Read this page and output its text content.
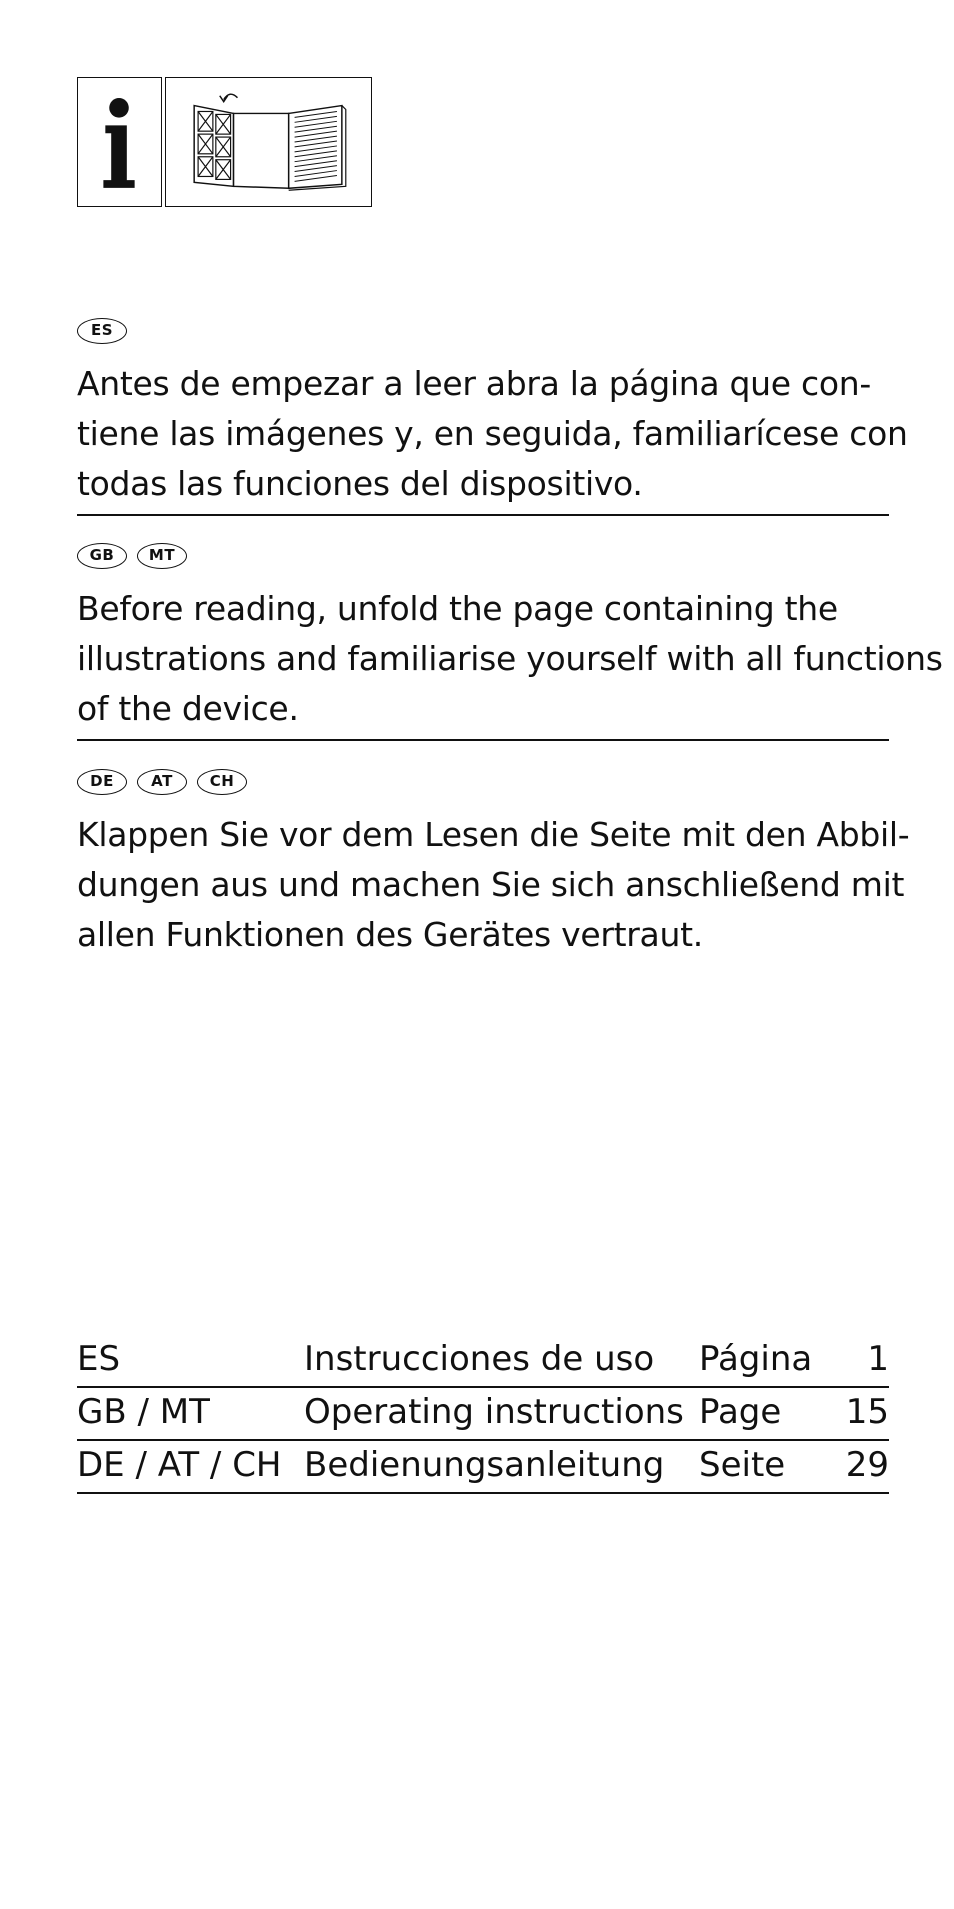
ES

Antes de empezar a leer abra la página que con-
tiene las imágenes y, en seguida, familiarícese con
todas las funciones del dispositivo.

GB	MT

Before reading, unfold the page containing the
illustrations and familiarise yourself with all functions
of the device.

DE	AT	CH

Klappen Sie vor dem Lesen die Seite mit den Abbil-
dungen aus und machen Sie sich anschließend mit
allen Funktionen des Gerätes vertraut.

ES	Instrucciones de uso Página 1
GB / MT	Operating instructions Page 15
DE / AT / CH Bedienungsanleitung Seite 29
